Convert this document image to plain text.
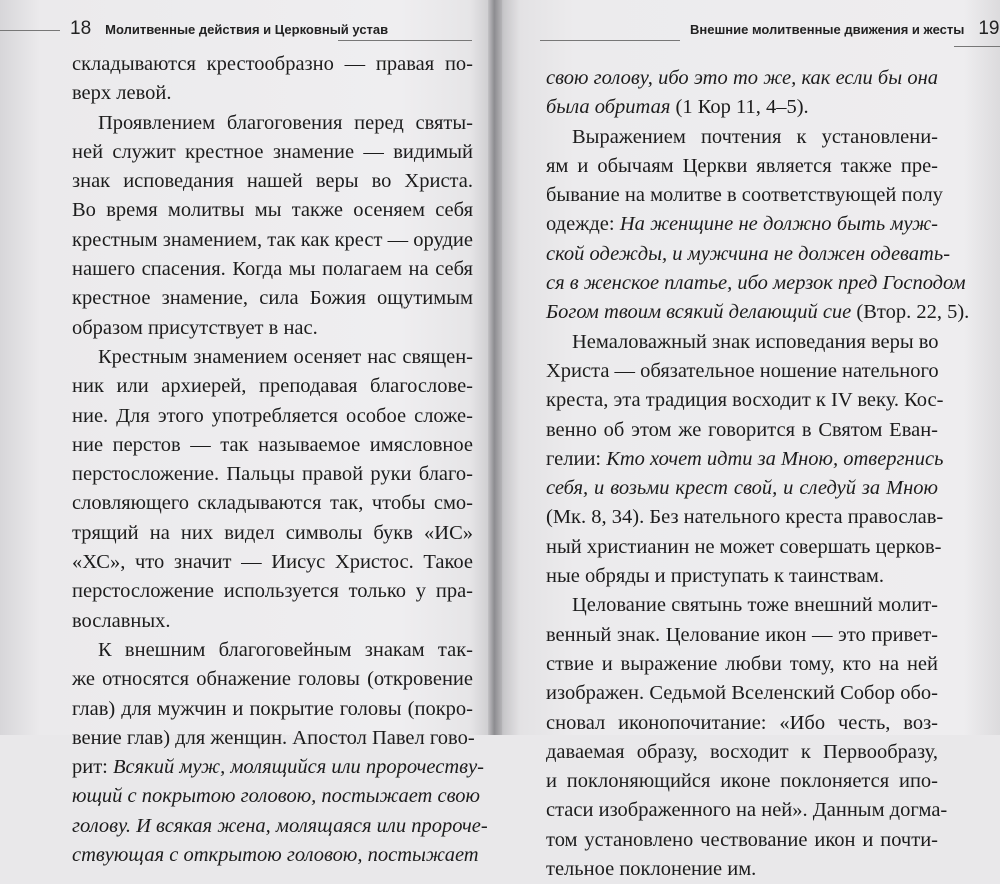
18 Молитвенные действия и Церковный устав
складываются крестообразно — правая по-
верх левой.
Проявлением благоговения перед святы-
ней служит крестное знамение — видимый
знак исповедания нашей веры во Христа.
Во время молитвы мы также осеняем себя
крестным знамением, так как крест — орудие
нашего спасения. Когда мы полагаем на себя
крестное знамение, сила Божия ощутимым
образом присутствует в нас.
Крестным знамением осеняет нас священ-
ник или архиерей, преподавая благослове-
ние. Для этого употребляется особое сложе-
ние перстов — так называемое имясловное
перстосложение. Пальцы правой руки благо-
словляющего складываются так, чтобы смо-
трящий на них видел символы букв «ИС»
«ХС», что значит — Иисус Христос. Такое
перстосложение используется только у пра-
вославных.
К внешним благоговейным знакам так-
же относятся обнажение головы (откровение
глав) для мужчин и покрытие головы (покро-
вение глав) для женщин. Апостол Павел гово-
рит: Всякий муж, молящийся или пророчеству-
ющий с покрытою головою, постыжает свою
голову. И всякая жена, молящаяся или пророче-
ствующая с открытою головою, постыжает
Внешние молитвенные движения и жесты 19
свою голову, ибо это то же, как если бы она
была обритая (1 Кор 11, 4–5).
Выражением почтения к установлени-
ям и обычаям Церкви является также пре-
бывание на молитве в соответствующей полу
одежде: На женщине не должно быть муж-
ской одежды, и мужчина не должен одевать-
ся в женское платье, ибо мерзок пред Господом
Богом твоим всякий делающий сие (Втор. 22, 5).
Немаловажный знак исповедания веры во
Христа — обязательное ношение нательного
креста, эта традиция восходит к IV веку. Кос-
венно об этом же говорится в Святом Еван-
гелии: Кто хочет идти за Мною, отвергнись
себя, и возьми крест свой, и следуй за Мною
(Мк. 8, 34). Без нательного креста православ-
ный христианин не может совершать церков-
ные обряды и приступать к таинствам.
Целование святынь тоже внешний молит-
венный знак. Целование икон — это привет-
ствие и выражение любви тому, кто на ней
изображен. Седьмой Вселенский Собор обо-
сновал иконопочитание: «Ибо честь, воз-
даваемая образу, восходит к Первообразу,
и поклоняющийся иконе поклоняется ипо-
стаси изображенного на ней». Данным догма-
том установлено чествование икон и почти-
тельное поклонение им.
